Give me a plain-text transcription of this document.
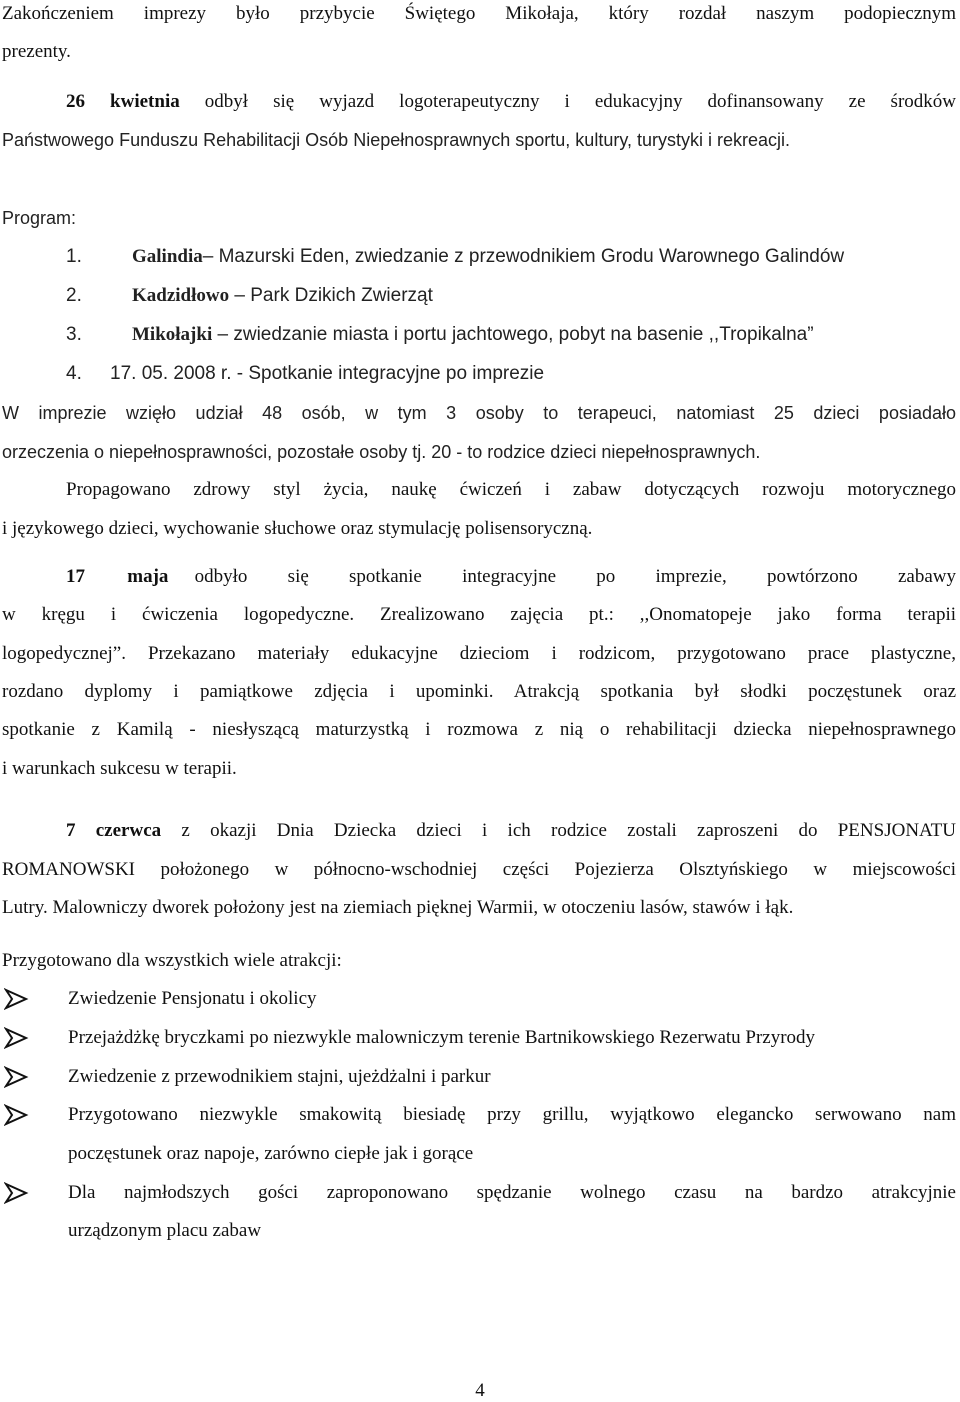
Zakończeniem imprezy było przybycie Świętego Mikołaja, który rozdał naszym podopiecznym
prezenty.
26 kwietnia odbył się wyjazd logoterapeutyczny i edukacyjny dofinansowany ze środków
Państwowego Funduszu Rehabilitacji Osób Niepełnosprawnych sportu, kultury, turystyki i rekreacji.
Program:
1.	Galindia– Mazurski Eden, zwiedzanie z przewodnikiem Grodu Warownego Galindów
2.	Kadzidłowo – Park Dzikich Zwierząt
3.	Mikołajki – zwiedzanie miasta i portu jachtowego, pobyt na basenie ,,Tropikalna”
4. 17. 05. 2008 r. - Spotkanie integracyjne po imprezie
W imprezie wzięło udział 48 osób, w tym 3 osoby to terapeuci, natomiast 25 dzieci posiadało
orzeczenia o niepełnosprawności, pozostałe osoby tj. 20 - to rodzice dzieci niepełnosprawnych.
Propagowano zdrowy styl życia, naukę ćwiczeń i zabaw dotyczących rozwoju motorycznego
i językowego dzieci, wychowanie słuchowe oraz stymulację polisensoryczną.
17 maja odbyło się spotkanie integracyjne po imprezie, powtórzono zabawy
w kręgu i ćwiczenia logopedyczne. Zrealizowano zajęcia pt.: ,,Onomatopeje jako forma terapii
logopedycznej”. Przekazano materiały edukacyjne dzieciom i rodzicom, przygotowano prace plastyczne,
rozdano dyplomy i pamiątkowe zdjęcia i upominki. Atrakcją spotkania był słodki poczęstunek oraz
spotkanie z Kamilą - niesłyszącą maturzystką i rozmowa z nią o rehabilitacji dziecka niepełnosprawnego
i warunkach sukcesu w terapii.
7 czerwca z okazji Dnia Dziecka dzieci i ich rodzice zostali zaproszeni do PENSJONATU
ROMANOWSKI położonego w północno-wschodniej części Pojezierza Olsztyńskiego w miejscowości
Lutry. Malowniczy dworek położony jest na ziemiach pięknej Warmii, w otoczeniu lasów, stawów i łąk.
Przygotowano dla wszystkich wiele atrakcji:
Zwiedzenie Pensjonatu i okolicy
Przejażdżkę bryczkami po niezwykle malowniczym terenie Bartnikowskiego Rezerwatu Przyrody
Zwiedzenie z przewodnikiem stajni, ujeżdżalni i parkur
Przygotowano niezwykle smakowitą biesiadę przy grillu, wyjątkowo elegancko serwowano nam
poczęstunek oraz napoje, zarówno ciepłe jak i gorące
Dla najmłodszych gości zaproponowano spędzanie wolnego czasu na bardzo atrakcyjnie
urządzonym placu zabaw
4
